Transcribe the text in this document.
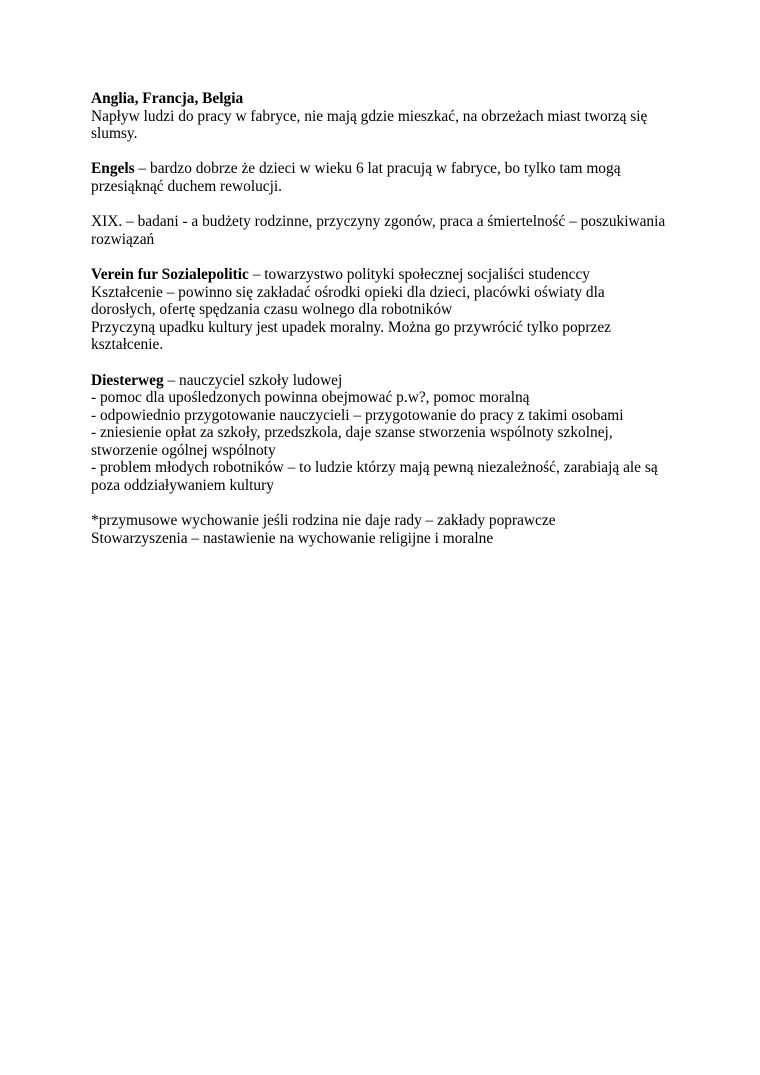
Anglia, Francja, Belgia
Napływ ludzi do pracy w fabryce, nie mają gdzie mieszkać, na obrzeżach miast tworzą się
slumsy.
Engels – bardzo dobrze że dzieci w wieku 6 lat pracują w fabryce, bo tylko tam mogą
przesiąknąć duchem rewolucji.
XIX. – badani - a budżety rodzinne, przyczyny zgonów, praca a śmiertelność – poszukiwania
rozwiązań
Verein fur Sozialepolitic – towarzystwo polityki społecznej socjaliści studenccy
Kształcenie – powinno się zakładać ośrodki opieki dla dzieci, placówki oświaty dla
dorosłych, ofertę spędzania czasu wolnego dla robotników
Przyczyną upadku kultury jest upadek moralny. Można go przywrócić tylko poprzez
kształcenie.
Diesterweg – nauczyciel szkoły ludowej
- pomoc dla upośledzonych powinna obejmować p.w?, pomoc moralną
- odpowiednio przygotowanie nauczycieli – przygotowanie do pracy z takimi osobami
- zniesienie opłat za szkoły, przedszkola, daje szanse stworzenia wspólnoty szkolnej,
stworzenie ogólnej wspólnoty
- problem młodych robotników – to ludzie którzy mają pewną niezależność, zarabiają ale są
poza oddziaływaniem kultury
*przymusowe wychowanie jeśli rodzina nie daje rady – zakłady poprawcze
Stowarzyszenia – nastawienie na wychowanie religijne i moralne
